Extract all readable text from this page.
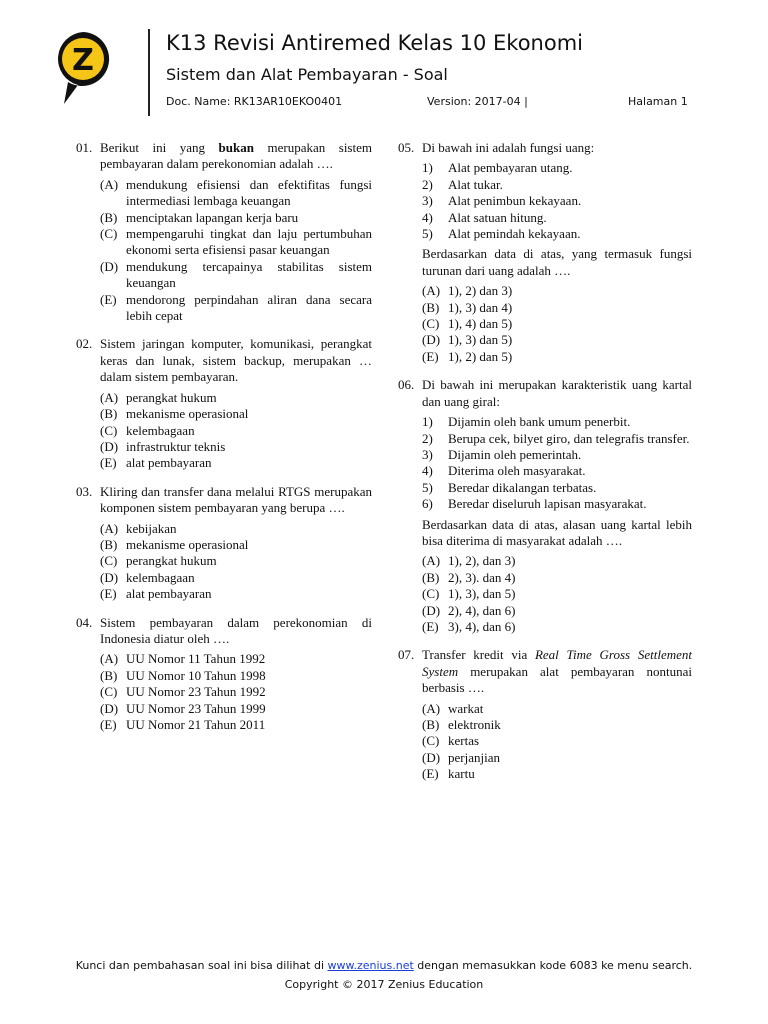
Z	K13 Revisi Antiremed Kelas 10 Ekonomi
Sistem dan Alat Pembayaran - Soal
Doc. Name: RK13AR10EKO0401	Version: 2017-04 |	Halaman 1
01. Berikut ini yang bukan merupakan sistem pembayaran dalam perekonomian adalah ….
(A) mendukung efisiensi dan efektifitas fungsi intermediasi lembaga keuangan
(B) menciptakan lapangan kerja baru
(C) mempengaruhi tingkat dan laju pertumbuhan ekonomi serta efisiensi pasar keuangan
(D) mendukung tercapainya stabilitas sistem keuangan
(E) mendorong perpindahan aliran dana secara lebih cepat
02. Sistem jaringan komputer, komunikasi, perangkat keras dan lunak, sistem backup, merupakan … dalam sistem pembayaran.
(A) perangkat hukum
(B) mekanisme operasional
(C) kelembagaan
(D) infrastruktur teknis
(E) alat pembayaran
03. Kliring dan transfer dana melalui RTGS merupakan komponen sistem pembayaran yang berupa ….
(A) kebijakan
(B) mekanisme operasional
(C) perangkat hukum
(D) kelembagaan
(E) alat pembayaran
04. Sistem pembayaran dalam perekonomian di Indonesia diatur oleh ….
(A) UU Nomor 11 Tahun 1992
(B) UU Nomor 10 Tahun 1998
(C) UU Nomor 23 Tahun 1992
(D) UU Nomor 23 Tahun 1999
(E) UU Nomor 21 Tahun 2011
05. Di bawah ini adalah fungsi uang:
1)	Alat pembayaran utang.
2)	Alat tukar.
3)	Alat penimbun kekayaan.
4)	Alat satuan hitung.
5)	Alat pemindah kekayaan.
Berdasarkan data di atas, yang termasuk fungsi turunan dari uang adalah ….
(A) 1), 2) dan 3)
(B) 1), 3) dan 4)
(C) 1), 4) dan 5)
(D) 1), 3) dan 5)
(E) 1), 2) dan 5)
06. Di bawah ini merupakan karakteristik uang kartal dan uang giral:
1)	Dijamin oleh bank umum penerbit.
2)	Berupa cek, bilyet giro, dan telegrafis transfer.
3)	Dijamin oleh pemerintah.
4)	Diterima oleh masyarakat.
5)	Beredar dikalangan terbatas.
6)	Beredar diseluruh lapisan masyarakat.
Berdasarkan data di atas, alasan uang kartal lebih bisa diterima di masyarakat adalah ….
(A) 1), 2), dan 3)
(B) 2), 3). dan 4)
(C) 1), 3), dan 5)
(D) 2), 4), dan 6)
(E) 3), 4), dan 6)
07. Transfer kredit via Real Time Gross Settlement System merupakan alat pembayaran nontunai berbasis ….
(A) warkat
(B) elektronik
(C) kertas
(D) perjanjian
(E) kartu
Kunci dan pembahasan soal ini bisa dilihat di www.zenius.net dengan memasukkan kode 6083 ke menu search.
Copyright © 2017 Zenius Education
